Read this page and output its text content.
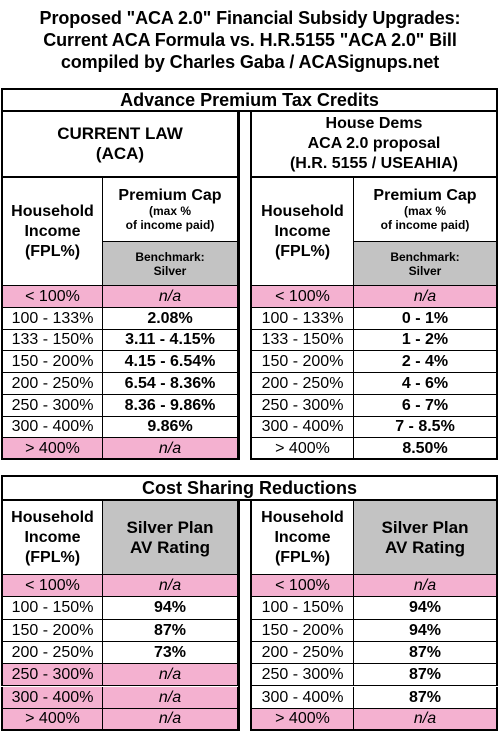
Proposed "ACA 2.0" Financial Subsidy Upgrades:
Current ACA Formula vs. H.R.5155 "ACA 2.0" Bill
compiled by Charles Gaba / ACASignups.net
Advance Premium Tax Credits
CURRENT LAW
(ACA)
House Dems
ACA 2.0 proposal
(H.R. 5155 / USEAHIA)
Household
Income
(FPL%)
Premium Cap
(max %
of income paid)
Benchmark:
Silver
Household
Income
(FPL%)
Premium Cap
(max %
of income paid)
Benchmark:
Silver
< 100%	n/a
100 - 133%	2.08%
133 - 150%	3.11 - 4.15%
150 - 200%	4.15 - 6.54%
200 - 250%	6.54 - 8.36%
250 - 300%	8.36 - 9.86%
300 - 400%	9.86%
> 400%	n/a
< 100%	n/a
100 - 133%	0 - 1%
133 - 150%	1 - 2%
150 - 200%	2 - 4%
200 - 250%	4 - 6%
250 - 300%	6 - 7%
300 - 400%	7 - 8.5%
> 400%	8.50%
Cost Sharing Reductions
Household
Income
(FPL%)
Silver Plan
AV Rating
Household
Income
(FPL%)
Silver Plan
AV Rating
< 100%	n/a
100 - 150%	94%
150 - 200%	87%
200 - 250%	73%
250 - 300%	n/a
300 - 400%	n/a
> 400%	n/a
< 100%	n/a
100 - 150%	94%
150 - 200%	94%
200 - 250%	87%
250 - 300%	87%
300 - 400%	87%
> 400%	n/a
